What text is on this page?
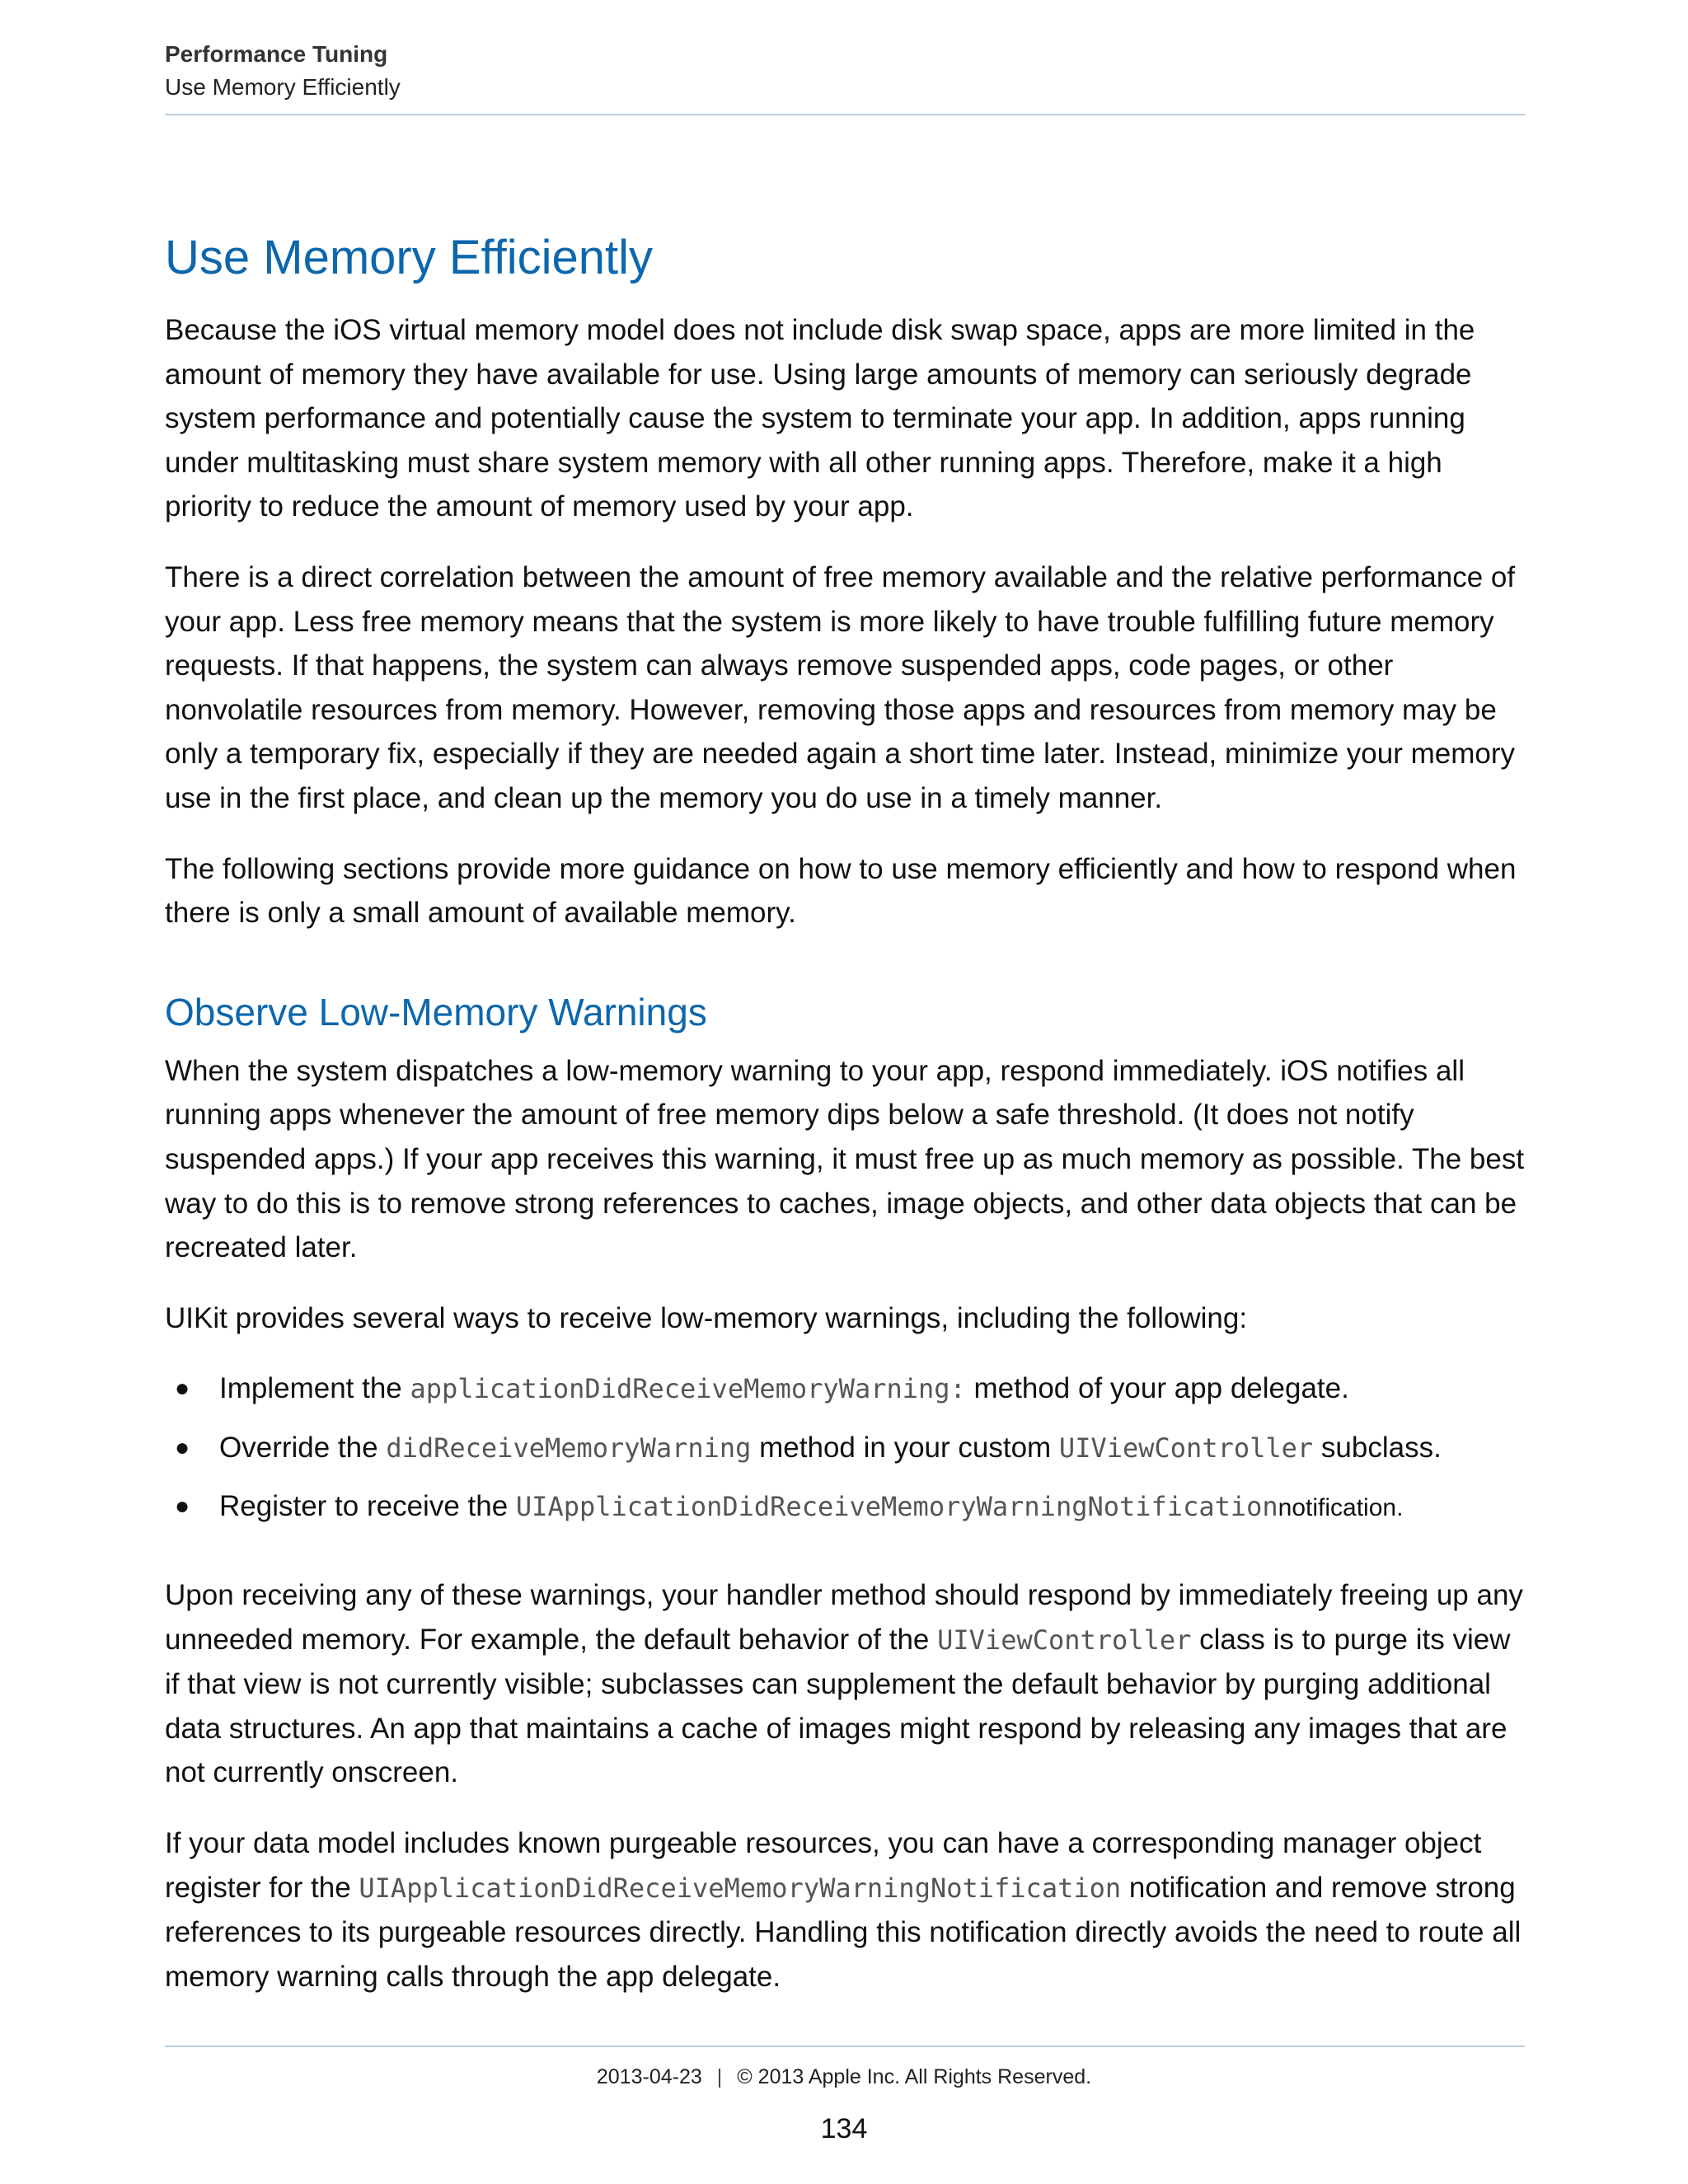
Performance Tuning
Use Memory Efficiently
Use Memory Efficiently

Because the iOS virtual memory model does not include disk swap space, apps are more limited in the amount of memory they have available for use. Using large amounts of memory can seriously degrade system performance and potentially cause the system to terminate your app. In addition, apps running under multitasking must share system memory with all other running apps. Therefore, make it a high priority to reduce the amount of memory used by your app.

There is a direct correlation between the amount of free memory available and the relative performance of your app. Less free memory means that the system is more likely to have trouble fulfilling future memory requests. If that happens, the system can always remove suspended apps, code pages, or other nonvolatile resources from memory. However, removing those apps and resources from memory may be only a temporary fix, especially if they are needed again a short time later. Instead, minimize your memory use in the first place, and clean up the memory you do use in a timely manner.

The following sections provide more guidance on how to use memory efficiently and how to respond when there is only a small amount of available memory.

Observe Low-Memory Warnings

When the system dispatches a low-memory warning to your app, respond immediately. iOS notifies all running apps whenever the amount of free memory dips below a safe threshold. (It does not notify suspended apps.) If your app receives this warning, it must free up as much memory as possible. The best way to do this is to remove strong references to caches, image objects, and other data objects that can be recreated later.

UIKit provides several ways to receive low-memory warnings, including the following:

● Implement the applicationDidReceiveMemoryWarning: method of your app delegate.
● Override the didReceiveMemoryWarning method in your custom UIViewController subclass.
● Register to receive the UIApplicationDidReceiveMemoryWarningNotificationnotification.

Upon receiving any of these warnings, your handler method should respond by immediately freeing up any unneeded memory. For example, the default behavior of the UIViewController class is to purge its view if that view is not currently visible; subclasses can supplement the default behavior by purging additional data structures. An app that maintains a cache of images might respond by releasing any images that are not currently onscreen.

If your data model includes known purgeable resources, you can have a corresponding manager object register for the UIApplicationDidReceiveMemoryWarningNotification notification and remove strong references to its purgeable resources directly. Handling this notification directly avoids the need to route all memory warning calls through the app delegate.

2013-04-23 | © 2013 Apple Inc. All Rights Reserved.
134
